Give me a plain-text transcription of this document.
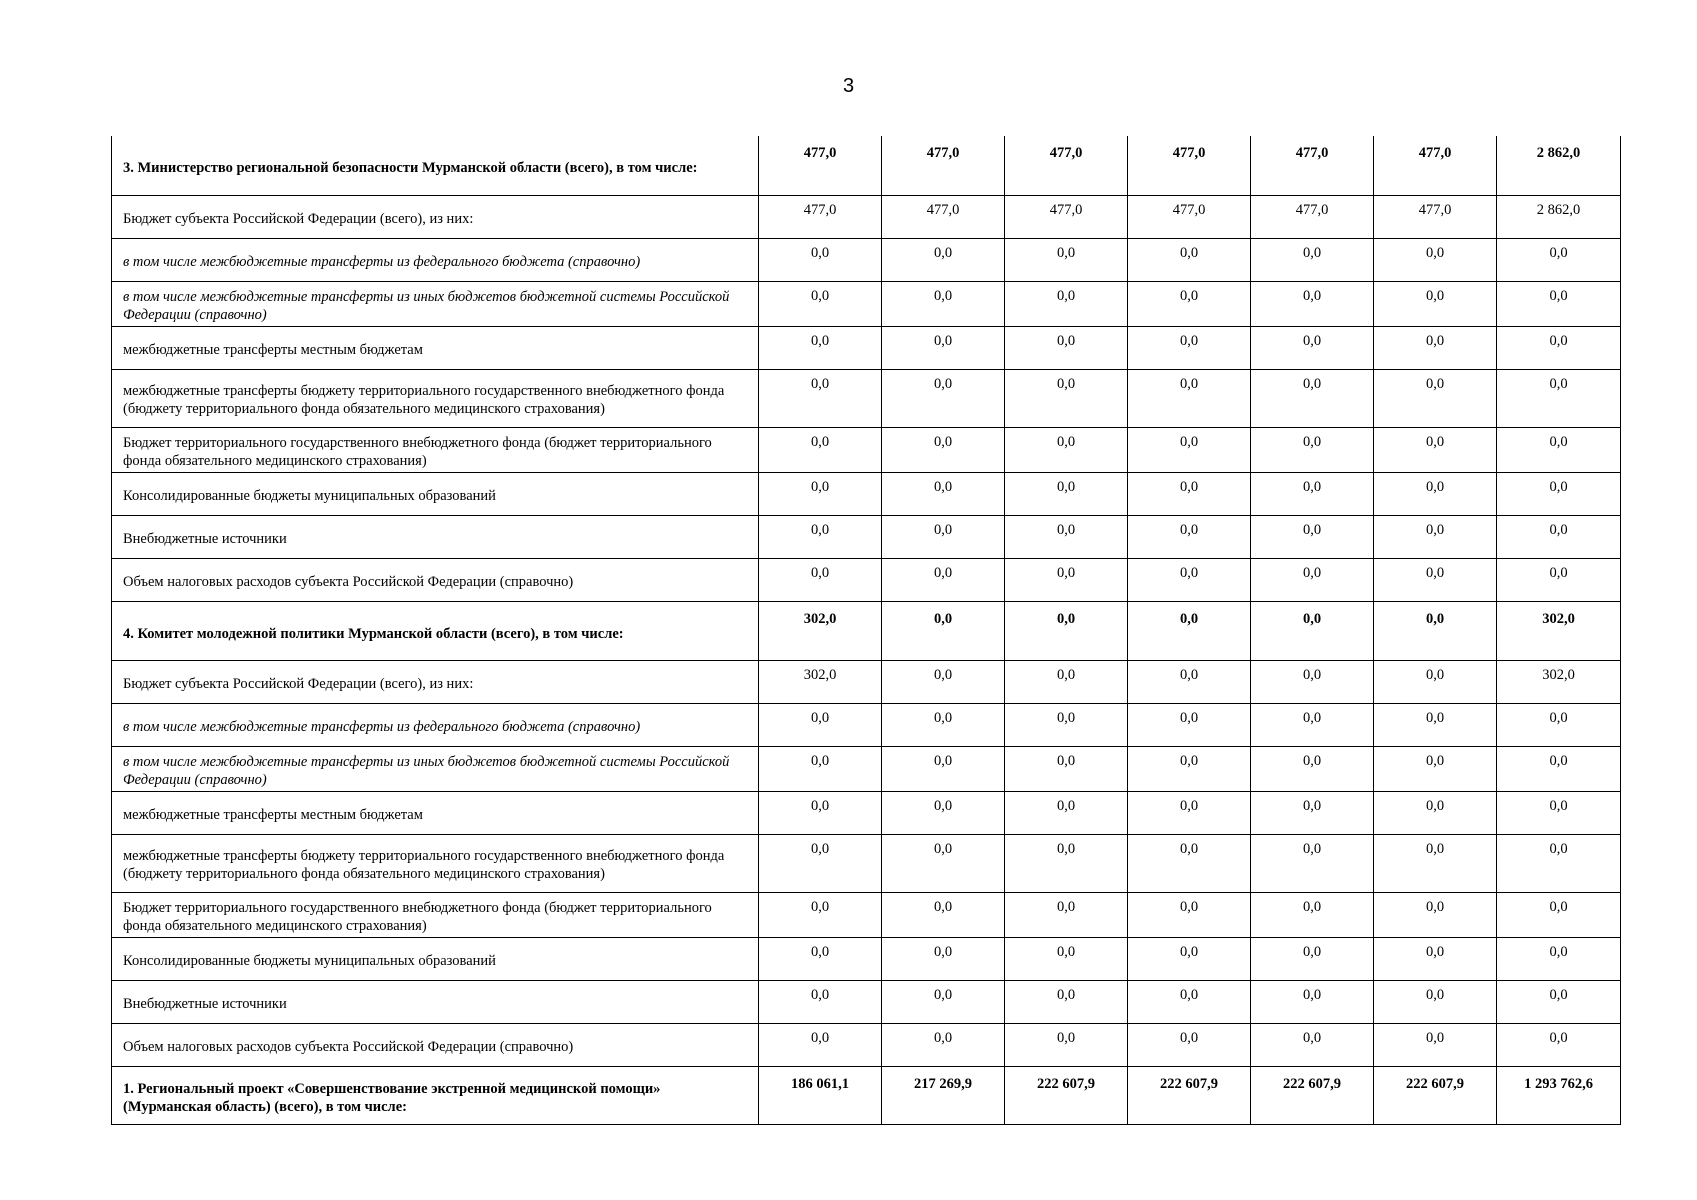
3
3. Министерство региональной безопасности Мурманской области (всего), в том числе:	477,0	477,0	477,0	477,0	477,0	477,0	2 862,0
Бюджет субъекта Российской Федерации (всего), из них:	477,0	477,0	477,0	477,0	477,0	477,0	2 862,0
в том числе межбюджетные трансферты из федерального бюджета (справочно)	0,0	0,0	0,0	0,0	0,0	0,0	0,0
в том числе межбюджетные трансферты из иных бюджетов бюджетной системы Российской Федерации (справочно)	0,0	0,0	0,0	0,0	0,0	0,0	0,0
межбюджетные трансферты местным бюджетам	0,0	0,0	0,0	0,0	0,0	0,0	0,0
межбюджетные трансферты бюджету территориального государственного внебюджетного фонда (бюджету территориального фонда обязательного медицинского страхования)	0,0	0,0	0,0	0,0	0,0	0,0	0,0
Бюджет территориального государственного внебюджетного фонда (бюджет территориального фонда обязательного медицинского страхования)	0,0	0,0	0,0	0,0	0,0	0,0	0,0
Консолидированные бюджеты муниципальных образований	0,0	0,0	0,0	0,0	0,0	0,0	0,0
Внебюджетные источники	0,0	0,0	0,0	0,0	0,0	0,0	0,0
Объем налоговых расходов субъекта Российской Федерации (справочно)	0,0	0,0	0,0	0,0	0,0	0,0	0,0
4. Комитет молодежной политики Мурманской области (всего), в том числе:	302,0	0,0	0,0	0,0	0,0	0,0	302,0
Бюджет субъекта Российской Федерации (всего), из них:	302,0	0,0	0,0	0,0	0,0	0,0	302,0
в том числе межбюджетные трансферты из федерального бюджета (справочно)	0,0	0,0	0,0	0,0	0,0	0,0	0,0
в том числе межбюджетные трансферты из иных бюджетов бюджетной системы Российской Федерации (справочно)	0,0	0,0	0,0	0,0	0,0	0,0	0,0
межбюджетные трансферты местным бюджетам	0,0	0,0	0,0	0,0	0,0	0,0	0,0
межбюджетные трансферты бюджету территориального государственного внебюджетного фонда (бюджету территориального фонда обязательного медицинского страхования)	0,0	0,0	0,0	0,0	0,0	0,0	0,0
Бюджет территориального государственного внебюджетного фонда (бюджет территориального фонда обязательного медицинского страхования)	0,0	0,0	0,0	0,0	0,0	0,0	0,0
Консолидированные бюджеты муниципальных образований	0,0	0,0	0,0	0,0	0,0	0,0	0,0
Внебюджетные источники	0,0	0,0	0,0	0,0	0,0	0,0	0,0
Объем налоговых расходов субъекта Российской Федерации (справочно)	0,0	0,0	0,0	0,0	0,0	0,0	0,0
1. Региональный проект «Совершенствование экстренной медицинской помощи» (Мурманская область) (всего), в том числе:	186 061,1	217 269,9	222 607,9	222 607,9	222 607,9	222 607,9	1 293 762,6
